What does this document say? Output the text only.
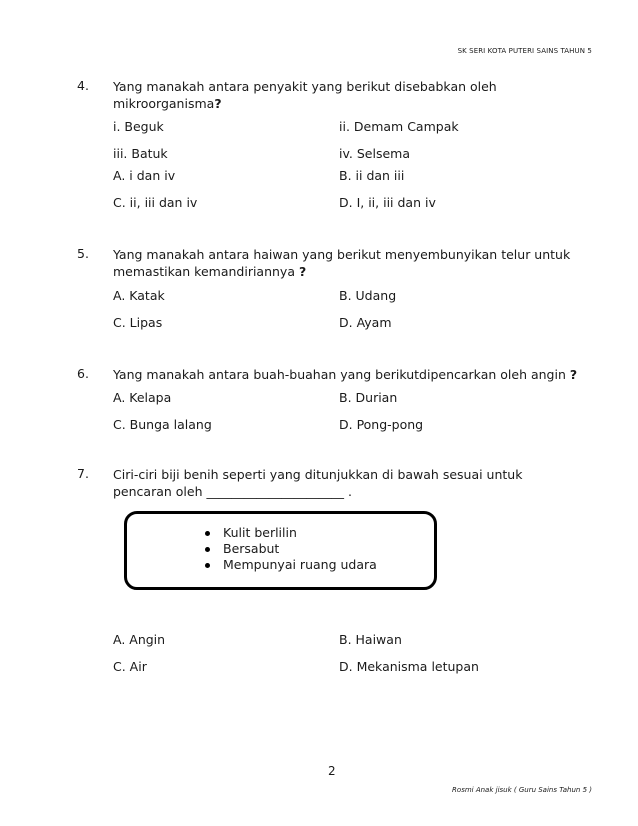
SK SERI KOTA PUTERI SAINS TAHUN 5
4. Yang manakah antara penyakit yang berikut disebabkan oleh mikroorganisma?
i. Beguk	ii. Demam Campak
iii. Batuk	iv. Selsema
A. i dan iv	B. ii dan iii
C. ii, iii dan iv	D. I, ii, iii dan iv
5. Yang manakah antara haiwan yang berikut menyembunyikan telur untuk memastikan kemandiriannya ?
A. Katak	B. Udang
C. Lipas	D. Ayam
6. Yang manakah antara buah-buahan yang berikutdipencarkan oleh angin ?
A. Kelapa	B. Durian
C. Bunga lalang	D. Pong-pong
7. Ciri-ciri biji benih seperti yang ditunjukkan di bawah sesuai untuk pencaran oleh ______________________ .
Kulit berlilin
Bersabut
Mempunyai ruang udara
A. Angin	B. Haiwan
C. Air	D. Mekanisma letupan
2
Rosmi Anak jisuk ( Guru Sains Tahun 5 )
